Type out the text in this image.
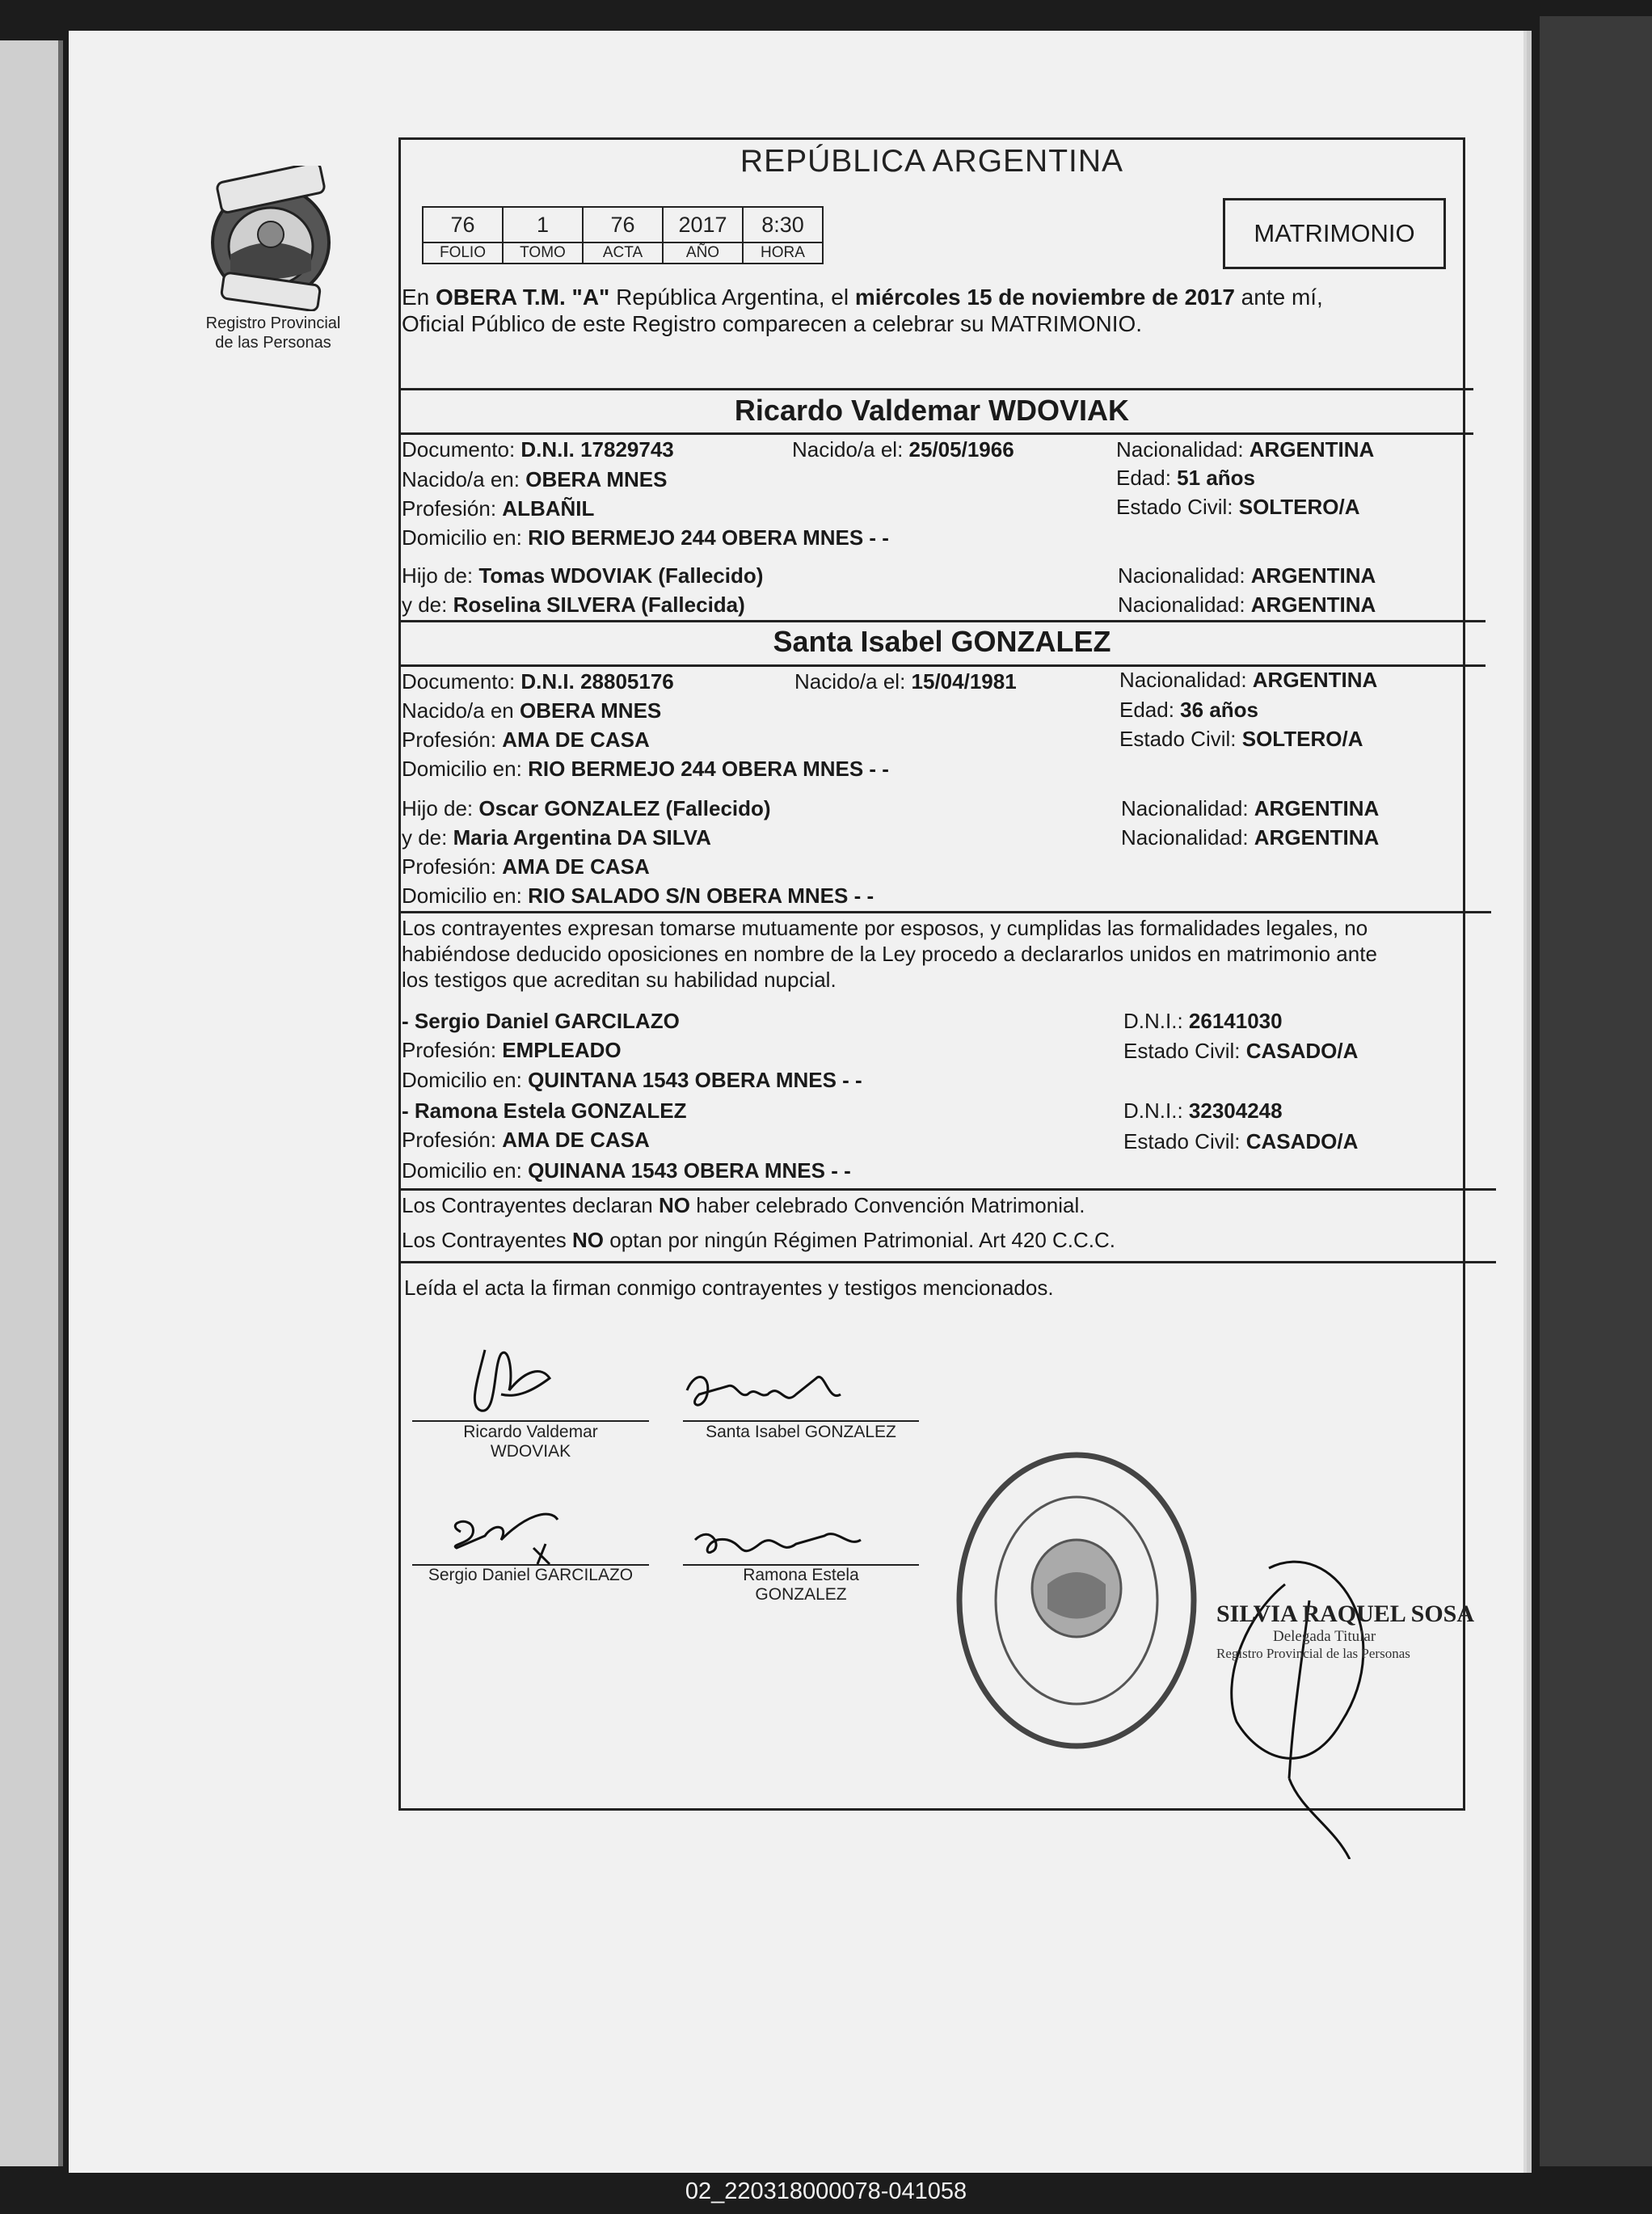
Registro Provincial
de las Personas
REPÚBLICA ARGENTINA
76	1	76	2017	8:30
FOLIO	TOMO	ACTA	AÑO	HORA
MATRIMONIO
En OBERA T.M. "A" República Argentina, el miércoles 15 de noviembre de 2017 ante mí,
Oficial Público de este Registro comparecen a celebrar su MATRIMONIO.
Ricardo Valdemar WDOVIAK
Documento: D.N.I. 17829743	Nacido/a el: 25/05/1966	Nacionalidad: ARGENTINA
Nacido/a en: OBERA MNES	Edad: 51 años
Profesión: ALBAÑIL	Estado Civil: SOLTERO/A
Domicilio en: RIO BERMEJO 244 OBERA MNES - -
Hijo de: Tomas WDOVIAK (Fallecido)	Nacionalidad: ARGENTINA
y de: Roselina SILVERA (Fallecida)	Nacionalidad: ARGENTINA
Santa Isabel GONZALEZ
Documento: D.N.I. 28805176	Nacido/a el: 15/04/1981	Nacionalidad: ARGENTINA
Nacido/a en OBERA MNES	Edad: 36 años
Profesión: AMA DE CASA	Estado Civil: SOLTERO/A
Domicilio en: RIO BERMEJO 244 OBERA MNES - -
Hijo de: Oscar GONZALEZ (Fallecido)	Nacionalidad: ARGENTINA
y de: Maria Argentina DA SILVA	Nacionalidad: ARGENTINA
Profesión: AMA DE CASA
Domicilio en: RIO SALADO S/N OBERA MNES - -
Los contrayentes expresan tomarse mutuamente por esposos, y cumplidas las formalidades legales, no
habiéndose deducido oposiciones en nombre de la Ley procedo a declararlos unidos en matrimonio ante
los testigos que acreditan su habilidad nupcial.
- Sergio Daniel GARCILAZO	D.N.I.: 26141030
Profesión: EMPLEADO	Estado Civil: CASADO/A
Domicilio en: QUINTANA 1543 OBERA MNES - -
- Ramona Estela GONZALEZ	D.N.I.: 32304248
Profesión: AMA DE CASA	Estado Civil: CASADO/A
Domicilio en: QUINANA 1543 OBERA MNES - -
Los Contrayentes declaran NO haber celebrado Convención Matrimonial.
Los Contrayentes NO optan por ningún Régimen Patrimonial. Art 420 C.C.C.
Leída el acta la firman conmigo contrayentes y testigos mencionados.
Ricardo Valdemar
WDOVIAK
Santa Isabel GONZALEZ
Sergio Daniel GARCILAZO	Ramona Estela
GONZALEZ
SILVIA RAQUEL SOSA
Delegada Titular
Registro Provincial de las Personas
02_220318000078-041058
